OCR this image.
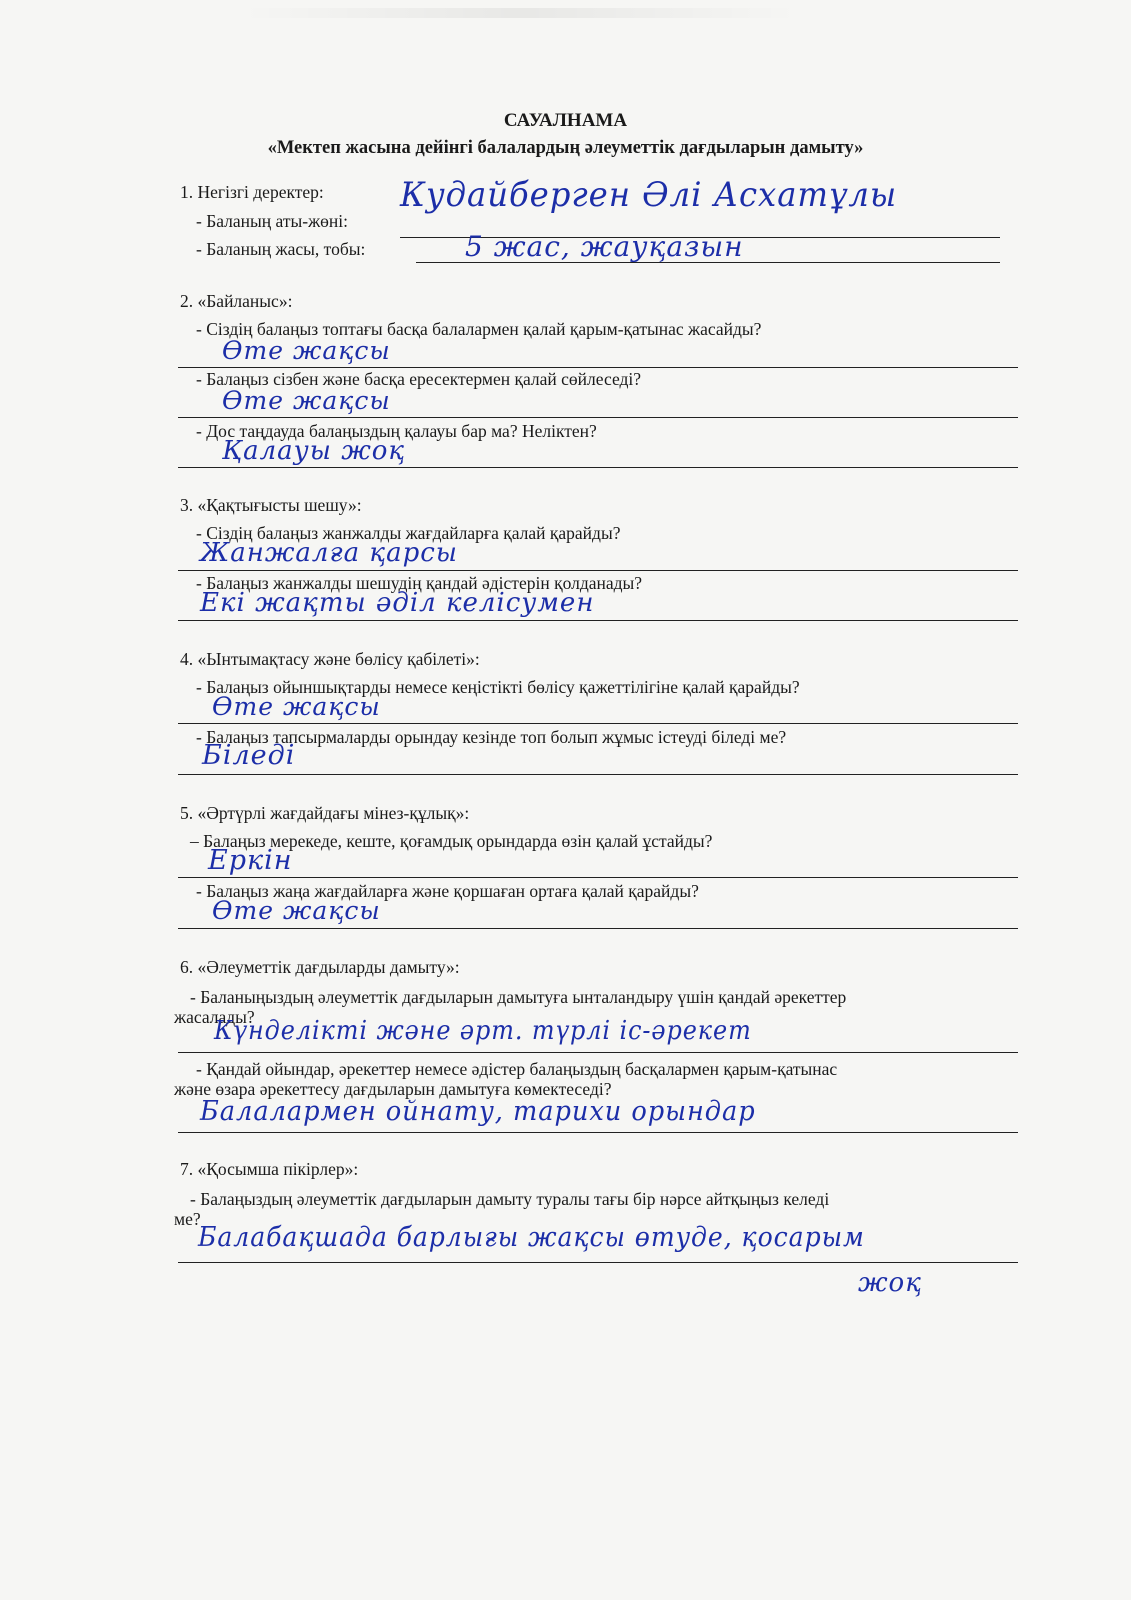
САУАЛНАМА
«Мектеп жасына дейінгі балалардың әлеуметтік дағдыларын дамыту»
1. Негізгі деректер:
- Баланың аты-жөні:
Кудайберген Әлі Асхатұлы
- Баланың жасы, тобы:	5 жас, жауқазын
2. «Байланыс»:
- Сіздің балаңыз топтағы басқа балалармен қалай қарым-қатынас жасайды?
Өте жақсы
- Балаңыз сізбен және басқа ересектермен қалай сөйлеседі?
Өте жақсы
- Дос таңдауда балаңыздың қалауы бар ма? Неліктен?
Қалауы жоқ
3. «Қақтығысты шешу»:
- Сіздің балаңыз жанжалды жағдайларға қалай қарайды?
Жанжалға қарсы
- Балаңыз жанжалды шешудің қандай әдістерін қолданады?
Екі жақты әділ келісумен
4. «Ынтымақтасу және бөлісу қабілеті»:
- Балаңыз ойыншықтарды немесе кеңістікті бөлісу қажеттілігіне қалай қарайды?
Өте жақсы
- Балаңыз тапсырмаларды орындау кезінде топ болып жұмыс істеуді біледі ме?
Біледі
5. «Әртүрлі жағдайдағы мінез-құлық»:
– Балаңыз мерекеде, кеште, қоғамдық орындарда өзін қалай ұстайды?
Еркін
- Балаңыз жаңа жағдайларға және қоршаған ортаға қалай қарайды?
Өте жақсы
6. «Әлеуметтік дағдыларды дамыту»:
- Баланыңыздың әлеуметтік дағдыларын дамытуға ынталандыру үшін қандай әрекеттер
жасалады?
Күнделікті және әрт. түрлі іс-әрекет
- Қандай ойындар, әрекеттер немесе әдістер балаңыздың басқалармен қарым-қатынас
және өзара әрекеттесу дағдыларын дамытуға көмектеседі?
Балалармен ойнату, тарихи орындар
7. «Қосымша пікірлер»:
- Балаңыздың әлеуметтік дағдыларын дамыту туралы тағы бір нәрсе айтқыңыз келеді
ме?
Балабақшада барлығы жақсы өтуде, қосарым
жоқ
